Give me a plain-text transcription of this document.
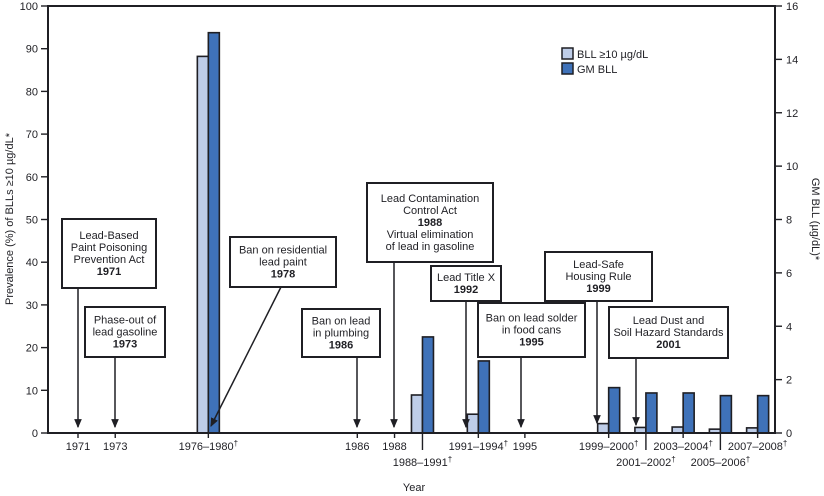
0
10
20
30
40
50
60
70
80
90
100
0
2
4
6
8
10
12
14
16
1971 1973	1976–1980†	1986 1988
1988–1991†
1991–1994† 1995	1999–2000†
2001–2002†
2003–2004†
2005–2006†
2007–2008†
Lead-Based
Paint Poisoning
Prevention Act
1971
Phase-out of
lead gasoline
1973
Ban on residential
lead paint
1978
Ban on lead
in plumbing
1986
Lead Contamination
Control Act
1988
Virtual elimination
of lead in gasoline
Lead Title X
1992
Ban on lead solder
in food cans
1995
Lead-Safe
Housing Rule
1999
Lead Dust and
Soil Hazard Standards
2001
Prevalence (%) of BLLs ≥10 µg/dL*	GM BLL (µg/dL)*
Year
BLL ≥10 µg/dL
GM BLL
